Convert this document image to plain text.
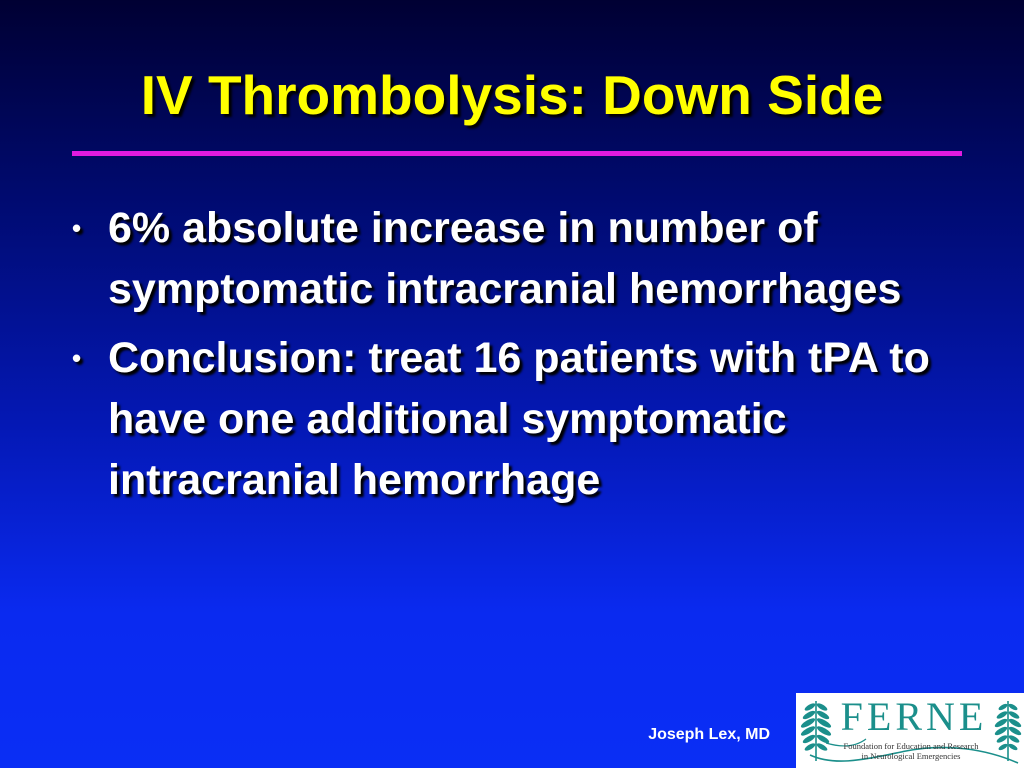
IV Thrombolysis: Down Side
• 6% absolute increase in number of symptomatic intracranial hemorrhages
• Conclusion: treat 16 patients with tPA to have one additional symptomatic intracranial hemorrhage
Joseph Lex, MD FERNE
Foundation for Education and Research
in Neurological Emergencies
